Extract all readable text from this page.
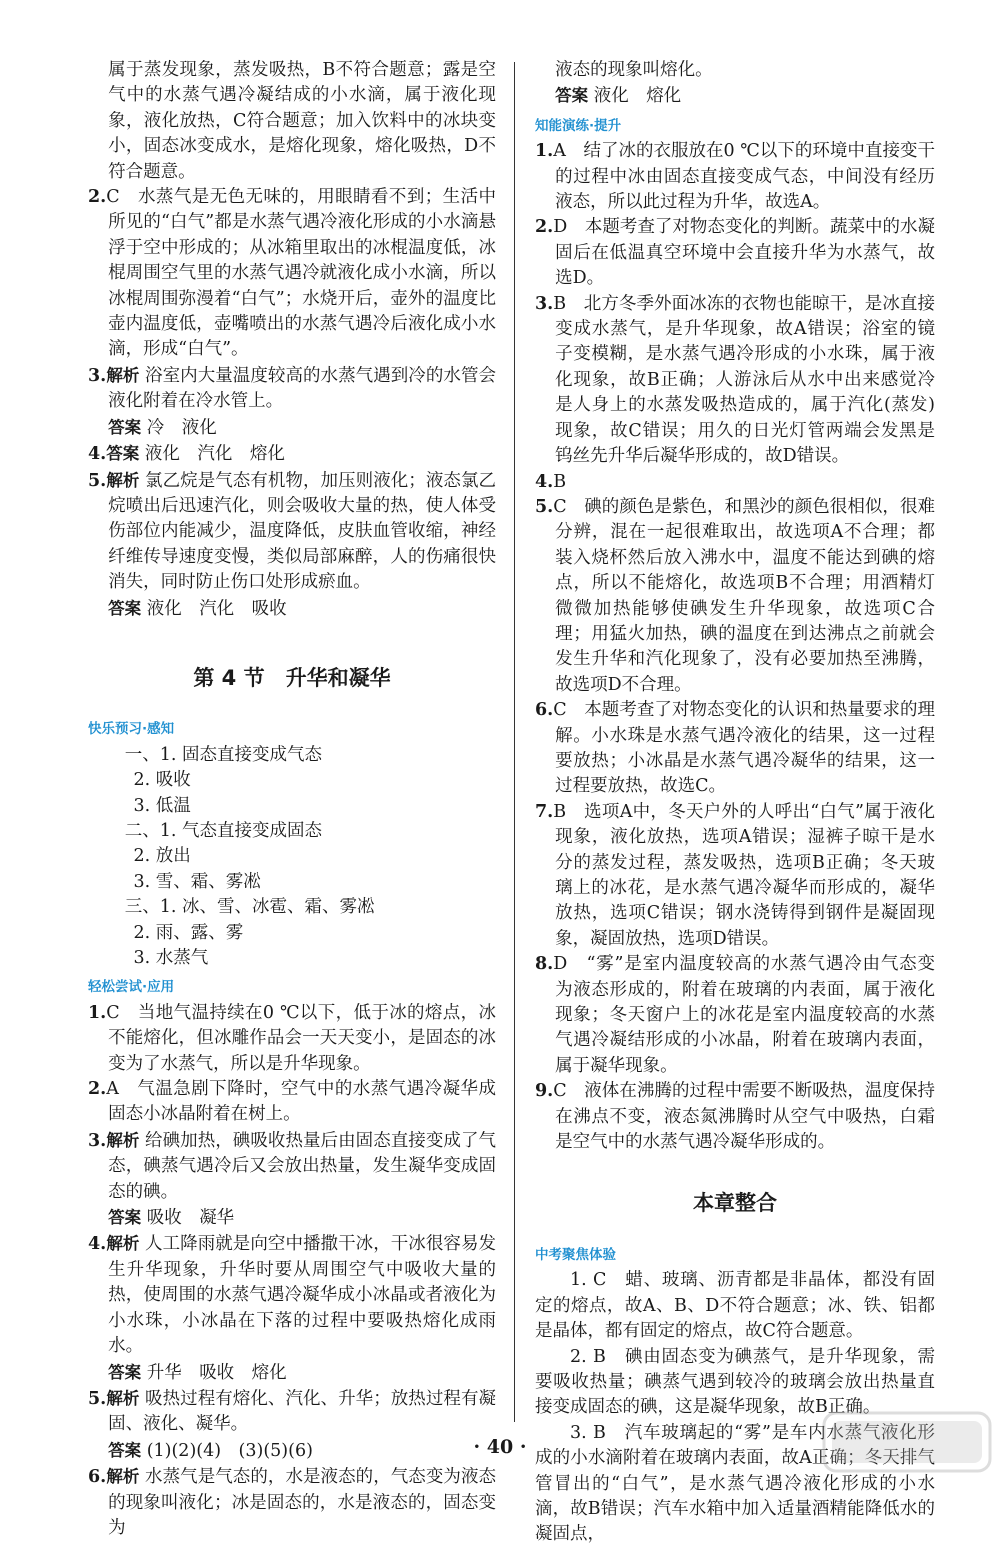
属于蒸发现象，蒸发吸热，B不符合题意；露是空气中的水蒸气遇冷凝结成的小水滴，属于液化现象，液化放热，C符合题意；加入饮料中的冰块变小，固态冰变成水，是熔化现象，熔化吸热，D不符合题意。

2.C　水蒸气是无色无味的，用眼睛看不到；生活中所见的“白气”都是水蒸气遇冷液化形成的小水滴悬浮于空中形成的；从冰箱里取出的冰棍温度低，冰棍周围空气里的水蒸气遇冷就液化成小水滴，所以冰棍周围弥漫着“白气”；水烧开后，壶外的温度比壶内温度低，壶嘴喷出的水蒸气遇冷后液化成小水滴，形成“白气”。

3.解析 浴室内大量温度较高的水蒸气遇到冷的水管会液化附着在冷水管上。

答案 冷　液化

4.答案 液化　汽化　熔化

5.解析 氯乙烷是气态有机物，加压则液化；液态氯乙烷喷出后迅速汽化，则会吸收大量的热，使人体受伤部位内能减少，温度降低，皮肤血管收缩，神经纤维传导速度变慢，类似局部麻醉，人的伤痛很快消失，同时防止伤口处形成瘀血。

答案 液化　汽化　吸收

第 4 节　升华和凝华
快乐预习·感知

一、1. 固态直接变成气态

2. 吸收

3. 低温

二、1. 气态直接变成固态

2. 放出

3. 雪、霜、雾凇

三、1. 冰、雪、冰雹、霜、雾凇

2. 雨、露、雾

3. 水蒸气

轻松尝试·应用

1.C　当地气温持续在0 ℃以下，低于冰的熔点，冰不能熔化，但冰雕作品会一天天变小，是固态的冰变为了水蒸气，所以是升华现象。

2.A　气温急剧下降时，空气中的水蒸气遇冷凝华成固态小冰晶附着在树上。

3.解析 给碘加热，碘吸收热量后由固态直接变成了气态，碘蒸气遇冷后又会放出热量，发生凝华变成固态的碘。

答案 吸收　凝华

4.解析 人工降雨就是向空中播撒干冰，干冰很容易发生升华现象，升华时要从周围空气中吸收大量的热，使周围的水蒸气遇冷凝华成小冰晶或者液化为小水珠，小冰晶在下落的过程中要吸热熔化成雨水。

答案 升华　吸收　熔化

5.解析 吸热过程有熔化、汽化、升华；放热过程有凝固、液化、凝华。

答案 (1)(2)(4)　(3)(5)(6)

6.解析 水蒸气是气态的，水是液态的，气态变为液态的现象叫液化；冰是固态的，水是液态的，固态变为

液态的现象叫熔化。

答案 液化　熔化

知能演练·提升

1.A　结了冰的衣服放在0 ℃以下的环境中直接变干的过程中冰由固态直接变成气态，中间没有经历液态，所以此过程为升华，故选A。

2.D　本题考查了对物态变化的判断。蔬菜中的水凝固后在低温真空环境中会直接升华为水蒸气，故选D。

3.B　北方冬季外面冰冻的衣物也能晾干，是冰直接变成水蒸气，是升华现象，故A错误；浴室的镜子变模糊，是水蒸气遇冷形成的小水珠，属于液化现象，故B正确；人游泳后从水中出来感觉冷是人身上的水蒸发吸热造成的，属于汽化(蒸发)现象，故C错误；用久的日光灯管两端会发黑是钨丝先升华后凝华形成的，故D错误。

4.B

5.C　碘的颜色是紫色，和黑沙的颜色很相似，很难分辨，混在一起很难取出，故选项A不合理；都装入烧杯然后放入沸水中，温度不能达到碘的熔点，所以不能熔化，故选项B不合理；用酒精灯微微加热能够使碘发生升华现象，故选项C合理；用猛火加热，碘的温度在到达沸点之前就会发生升华和汽化现象了，没有必要加热至沸腾，故选项D不合理。

6.C　本题考查了对物态变化的认识和热量要求的理解。小水珠是水蒸气遇冷液化的结果，这一过程要放热；小冰晶是水蒸气遇冷凝华的结果，这一过程要放热，故选C。

7.B　选项A中，冬天户外的人呼出“白气”属于液化现象，液化放热，选项A错误；湿裤子晾干是水分的蒸发过程，蒸发吸热，选项B正确；冬天玻璃上的冰花，是水蒸气遇冷凝华而形成的，凝华放热，选项C错误；钢水浇铸得到钢件是凝固现象，凝固放热，选项D错误。

8.D　“雾”是室内温度较高的水蒸气遇冷由气态变为液态形成的，附着在玻璃的内表面，属于液化现象；冬天窗户上的冰花是室内温度较高的水蒸气遇冷凝结形成的小冰晶，附着在玻璃内表面，属于凝华现象。

9.C　液体在沸腾的过程中需要不断吸热，温度保持在沸点不变，液态氮沸腾时从空气中吸热，白霜是空气中的水蒸气遇冷凝华形成的。

本章整合
中考聚焦体验

1. C　蜡、玻璃、沥青都是非晶体，都没有固定的熔点，故A、B、D不符合题意；冰、铁、铝都是晶体，都有固定的熔点，故C符合题意。

2. B　碘由固态变为碘蒸气，是升华现象，需要吸收热量；碘蒸气遇到较冷的玻璃会放出热量直接变成固态的碘，这是凝华现象，故B正确。

3. B　汽车玻璃起的“雾”是车内水蒸气液化形成的小水滴附着在玻璃内表面，故A正确；冬天排气管冒出的“白气”，是水蒸气遇冷液化形成的小水滴，故B错误；汽车水箱中加入适量酒精能降低水的凝固点，

· 40 ·
